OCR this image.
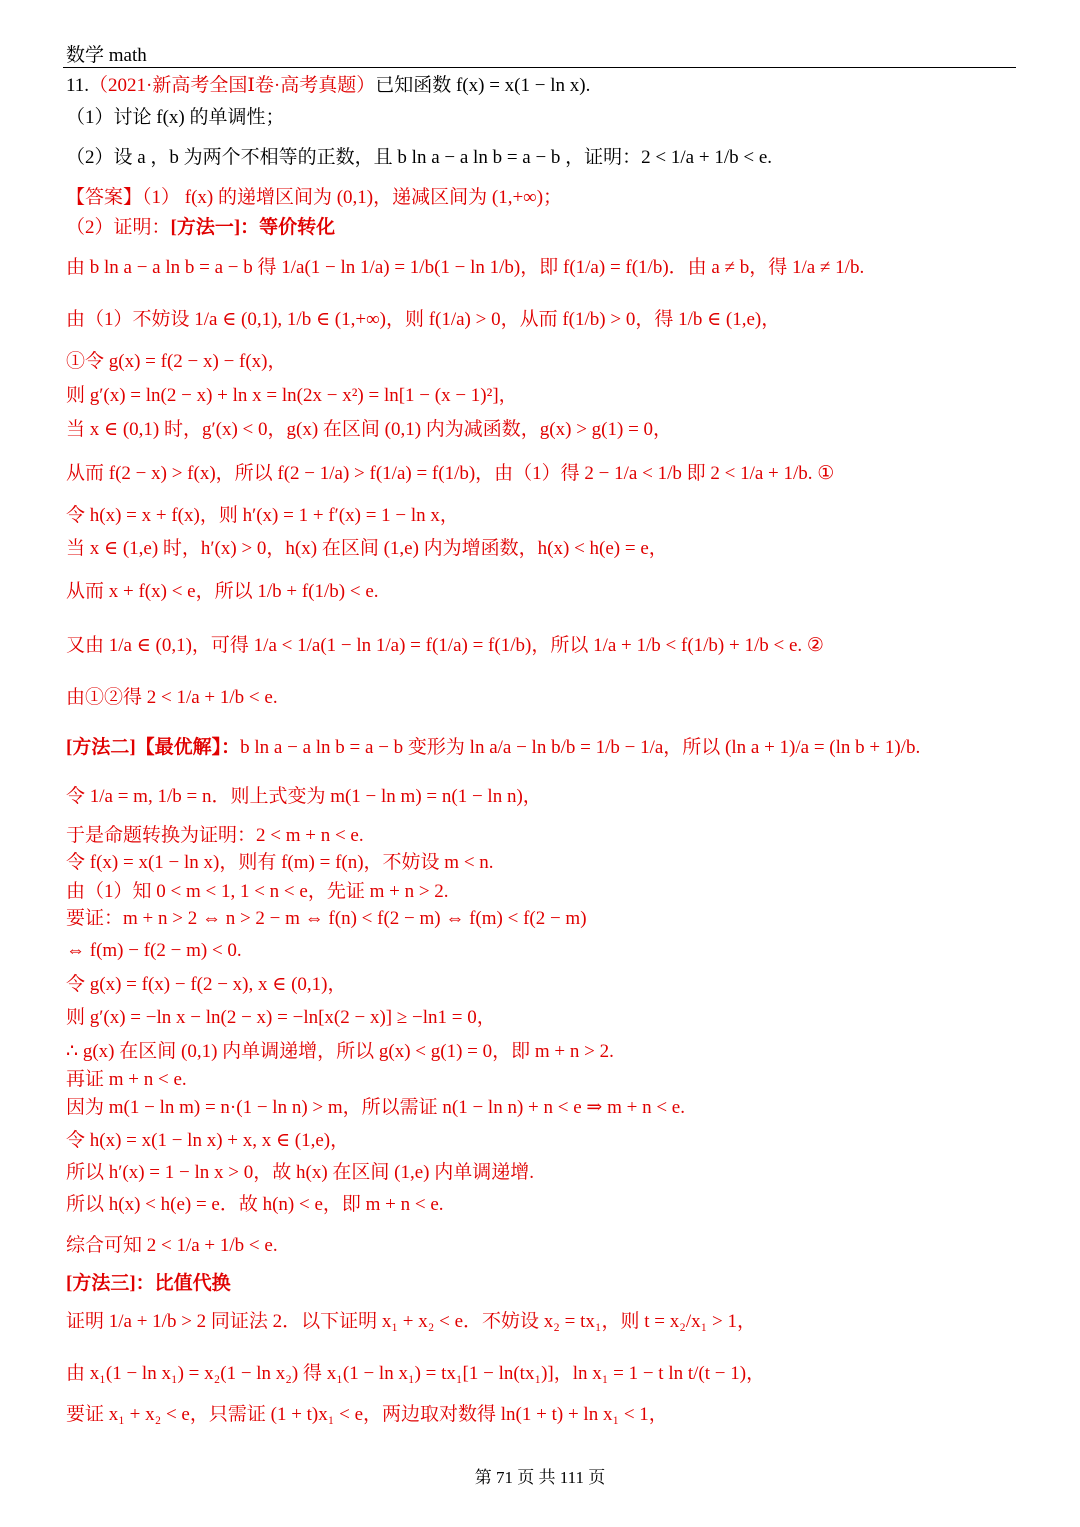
数学 math
11.（2021·新高考全国Ⅰ卷·高考真题）已知函数 f(x) = x(1 − ln x).
（1）讨论 f(x) 的单调性；
（2）设 a ，b 为两个不相等的正数，且 b ln a − a ln b = a − b ，证明：2 < 1/a + 1/b < e.
【答案】（1） f(x) 的递增区间为 (0,1)，递减区间为 (1,+∞)；
（2）证明：[方法一]：等价转化
由 b ln a − a ln b = a − b 得 1/a(1 − ln 1/a) = 1/b(1 − ln 1/b)，即 f(1/a) = f(1/b)．由 a ≠ b，得 1/a ≠ 1/b.
由（1）不妨设 1/a ∈ (0,1), 1/b ∈ (1,+∞)，则 f(1/a) > 0，从而 f(1/b) > 0，得 1/b ∈ (1,e)，
①令 g(x) = f(2 − x) − f(x)，
则 g′(x) = ln(2 − x) + ln x = ln(2x − x²) = ln[1 − (x − 1)²]，
当 x ∈ (0,1) 时，g′(x) < 0，g(x) 在区间 (0,1) 内为减函数，g(x) > g(1) = 0，
从而 f(2 − x) > f(x)，所以 f(2 − 1/a) > f(1/a) = f(1/b)，由（1）得 2 − 1/a < 1/b 即 2 < 1/a + 1/b. ①
令 h(x) = x + f(x)，则 h′(x) = 1 + f′(x) = 1 − ln x，
当 x ∈ (1,e) 时，h′(x) > 0，h(x) 在区间 (1,e) 内为增函数，h(x) < h(e) = e，
从而 x + f(x) < e，所以 1/b + f(1/b) < e.
又由 1/a ∈ (0,1)，可得 1/a < 1/a(1 − ln 1/a) = f(1/a) = f(1/b)，所以 1/a + 1/b < f(1/b) + 1/b < e. ②
由①②得 2 < 1/a + 1/b < e.
[方法二]【最优解】：b ln a − a ln b = a − b 变形为 ln a/a − ln b/b = 1/b − 1/a，所以 (ln a + 1)/a = (ln b + 1)/b.
令 1/a = m, 1/b = n．则上式变为 m(1 − ln m) = n(1 − ln n)，
于是命题转换为证明：2 < m + n < e.
令 f(x) = x(1 − ln x)，则有 f(m) = f(n)，不妨设 m < n.
由（1）知 0 < m < 1, 1 < n < e，先证 m + n > 2.
要证：m + n > 2 ⇔ n > 2 − m ⇔ f(n) < f(2 − m) ⇔ f(m) < f(2 − m)
⇔ f(m) − f(2 − m) < 0.
令 g(x) = f(x) − f(2 − x), x ∈ (0,1)，
则 g′(x) = −ln x − ln(2 − x) = −ln[x(2 − x)] ≥ −ln1 = 0，
∴ g(x) 在区间 (0,1) 内单调递增，所以 g(x) < g(1) = 0，即 m + n > 2.
再证 m + n < e.
因为 m(1 − ln m) = n·(1 − ln n) > m，所以需证 n(1 − ln n) + n < e ⇒ m + n < e.
令 h(x) = x(1 − ln x) + x, x ∈ (1,e)，
所以 h′(x) = 1 − ln x > 0，故 h(x) 在区间 (1,e) 内单调递增.
所以 h(x) < h(e) = e．故 h(n) < e，即 m + n < e.
综合可知 2 < 1/a + 1/b < e.
[方法三]：比值代换
证明 1/a + 1/b > 2 同证法 2．以下证明 x₁ + x₂ < e．不妨设 x₂ = tx₁，则 t = x₂/x₁ > 1，
由 x₁(1 − ln x₁) = x₂(1 − ln x₂) 得 x₁(1 − ln x₁) = tx₁[1 − ln(tx₁)]，ln x₁ = 1 − t ln t/(t − 1)，
要证 x₁ + x₂ < e，只需证 (1 + t)x₁ < e，两边取对数得 ln(1 + t) + ln x₁ < 1，
第 71 页 共 111 页
